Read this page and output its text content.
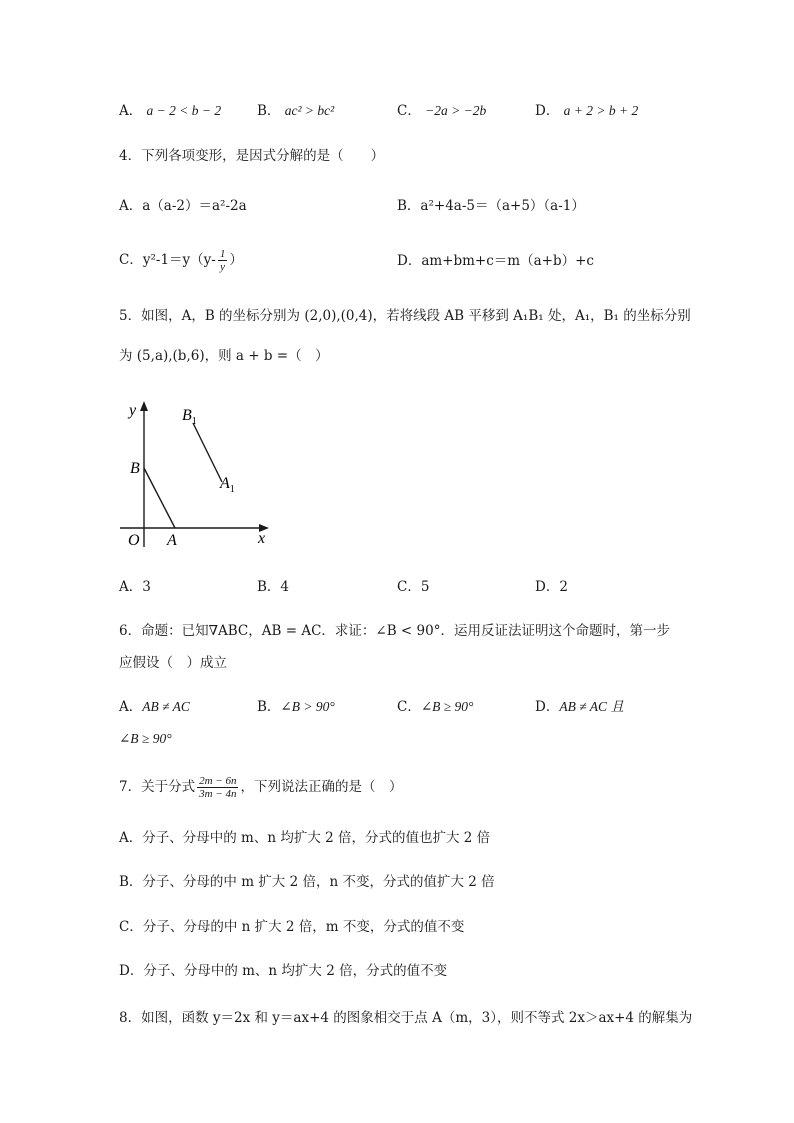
A． a − 2 < b − 2	B． ac² > bc²	C． −2a > −2b	D． a + 2 > b + 2
4．下列各项变形，是因式分解的是（　　）
A．a（a-2）＝a²-2a	B．a²+4a-5＝（a+5）（a-1）
C．$y^2-1=y(y- \frac{1}{y}$ ）	D．am+bm+c＝m（a+b）+c
5．如图，A，B 的坐标分别为 (2,0),(0,4)，若将线段 AB 平移到 A₁B₁ 处，A₁，B₁ 的坐标分别
为 (5,a),(b,6)，则 a + b =（　）
y
x
O A
B
$B_1$
$A_1$
A．3	B．4	C．5	D．2
6．命题：已知∇ABC，AB = AC．求证：∠B < 90°．运用反证法证明这个命题时，第一步
应假设（　）成立
A．AB ≠ AC	B．∠B > 90°	C．∠B ≥ 90°	D．AB ≠ AC 且
∠B ≥ 90°
7．关于分式 $\frac{2m - 6n}{3m - 4n}$ ，下列说法正确的是（　）
A．分子、分母中的 m、n 均扩大 2 倍，分式的值也扩大 2 倍
B．分子、分母的中 m 扩大 2 倍，n 不变，分式的值扩大 2 倍
C．分子、分母的中 n 扩大 2 倍，m 不变，分式的值不变
D．分子、分母中的 m、n 均扩大 2 倍，分式的值不变
8．如图，函数 y＝2x 和 y＝ax+4 的图象相交于点 A（m，3），则不等式 2x＞ax+4 的解集为
